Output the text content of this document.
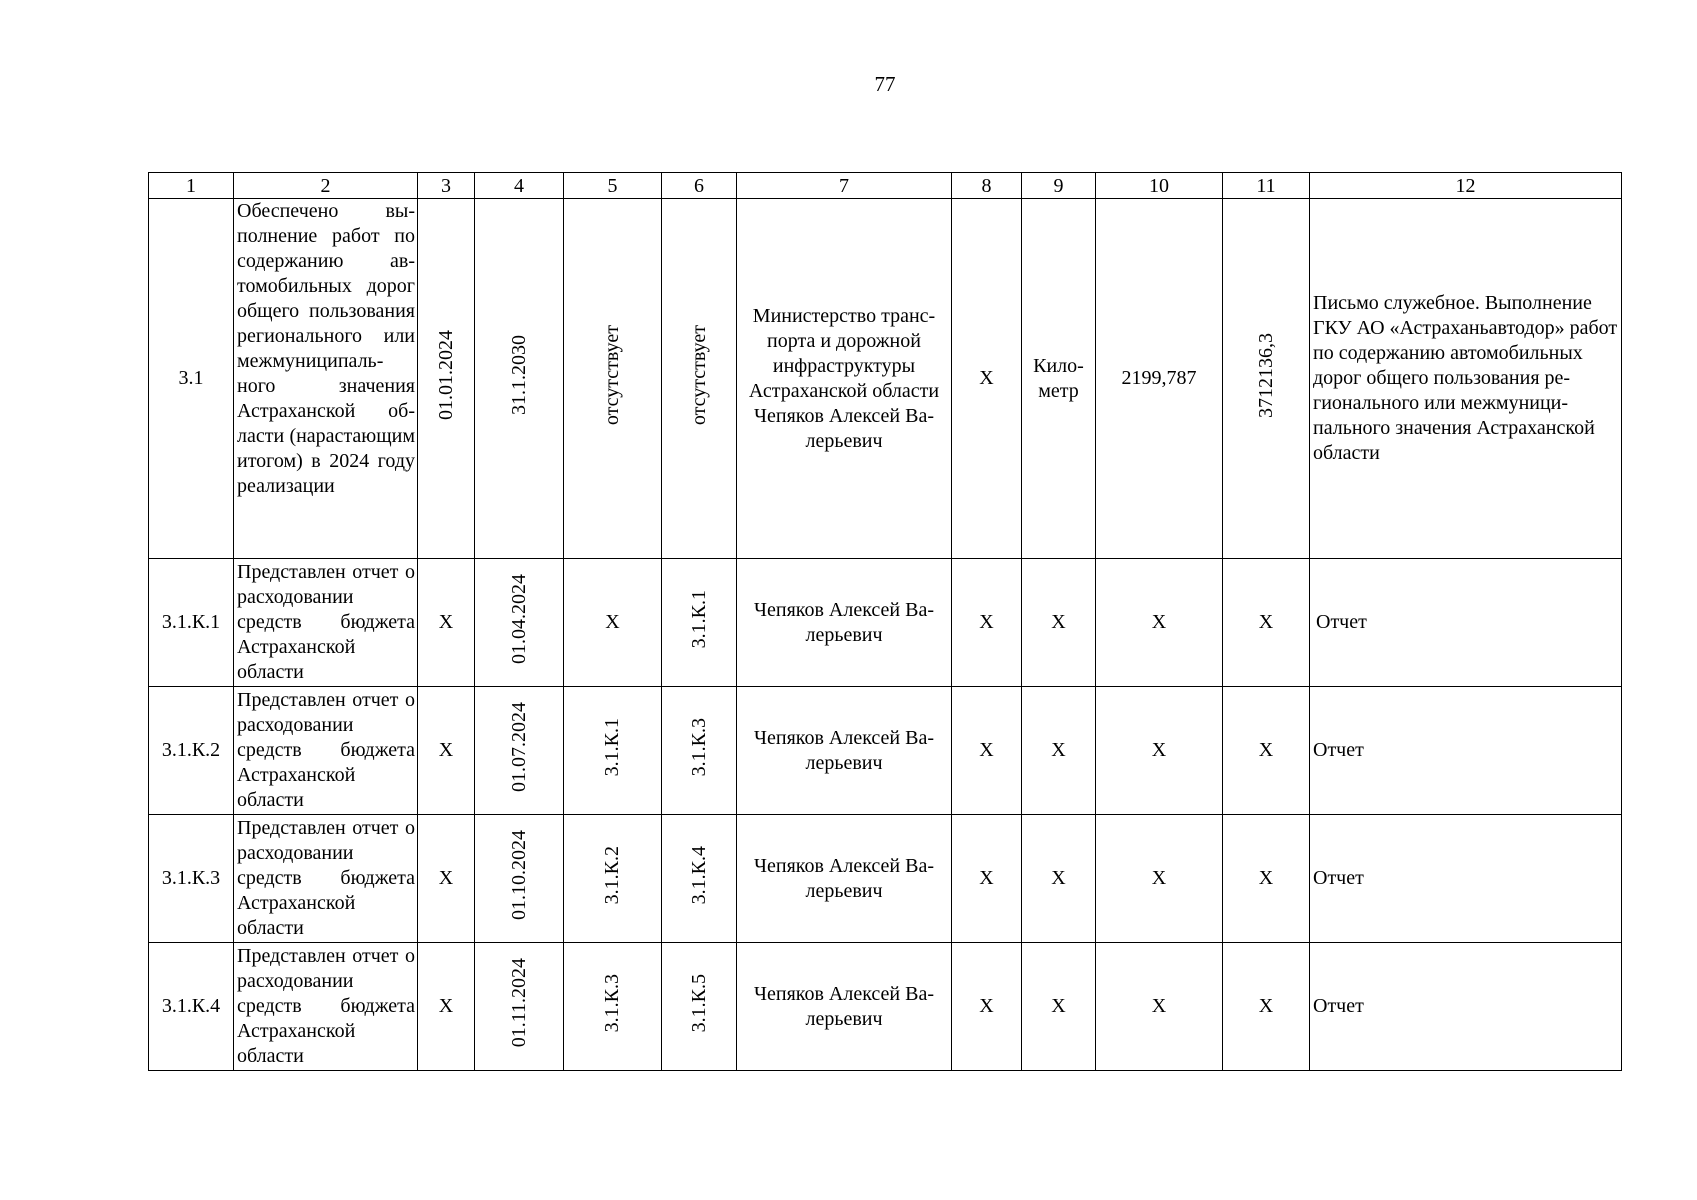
77
1	2	3	4	5	6	7	8	9	10	11	12
3.1	Обеспечено выполнение работ по содержанию автомобильных дорог общего пользования регионального или межмуниципального значения Астраханской области (нарастающим итогом) в 2024 году реализации	01.01.2024	31.1.2030	отсутствует	отсутствует	Министерство транспорта и дорожной инфраструктуры Астраханской области Чепяков Алексей Валерьевич	Х	Километр	2199,787	3712136,3	Письмо служебное. Выполнение ГКУ АО «Астраханьавтодор» работ по содержанию автомобильных дорог общего пользования регионального или межмуниципального значения Астраханской области
3.1.К.1	Представлен отчет о расходовании средств бюджета Астраханской области	Х	01.04.2024	Х	3.1.К.1	Чепяков Алексей Валерьевич	Х	Х	Х	Х	Отчет
3.1.К.2	Представлен отчет о расходовании средств бюджета Астраханской области	Х	01.07.2024	3.1.К.1	3.1.К.3	Чепяков Алексей Валерьевич	Х	Х	Х	Х	Отчет
3.1.К.3	Представлен отчет о расходовании средств бюджета Астраханской области	Х	01.10.2024	3.1.К.2	3.1.К.4	Чепяков Алексей Валерьевич	Х	Х	Х	Х	Отчет
3.1.К.4	Представлен отчет о расходовании средств бюджета Астраханской области	Х	01.11.2024	3.1.К.3	3.1.К.5	Чепяков Алексей Валерьевич	Х	Х	Х	Х	Отчет
